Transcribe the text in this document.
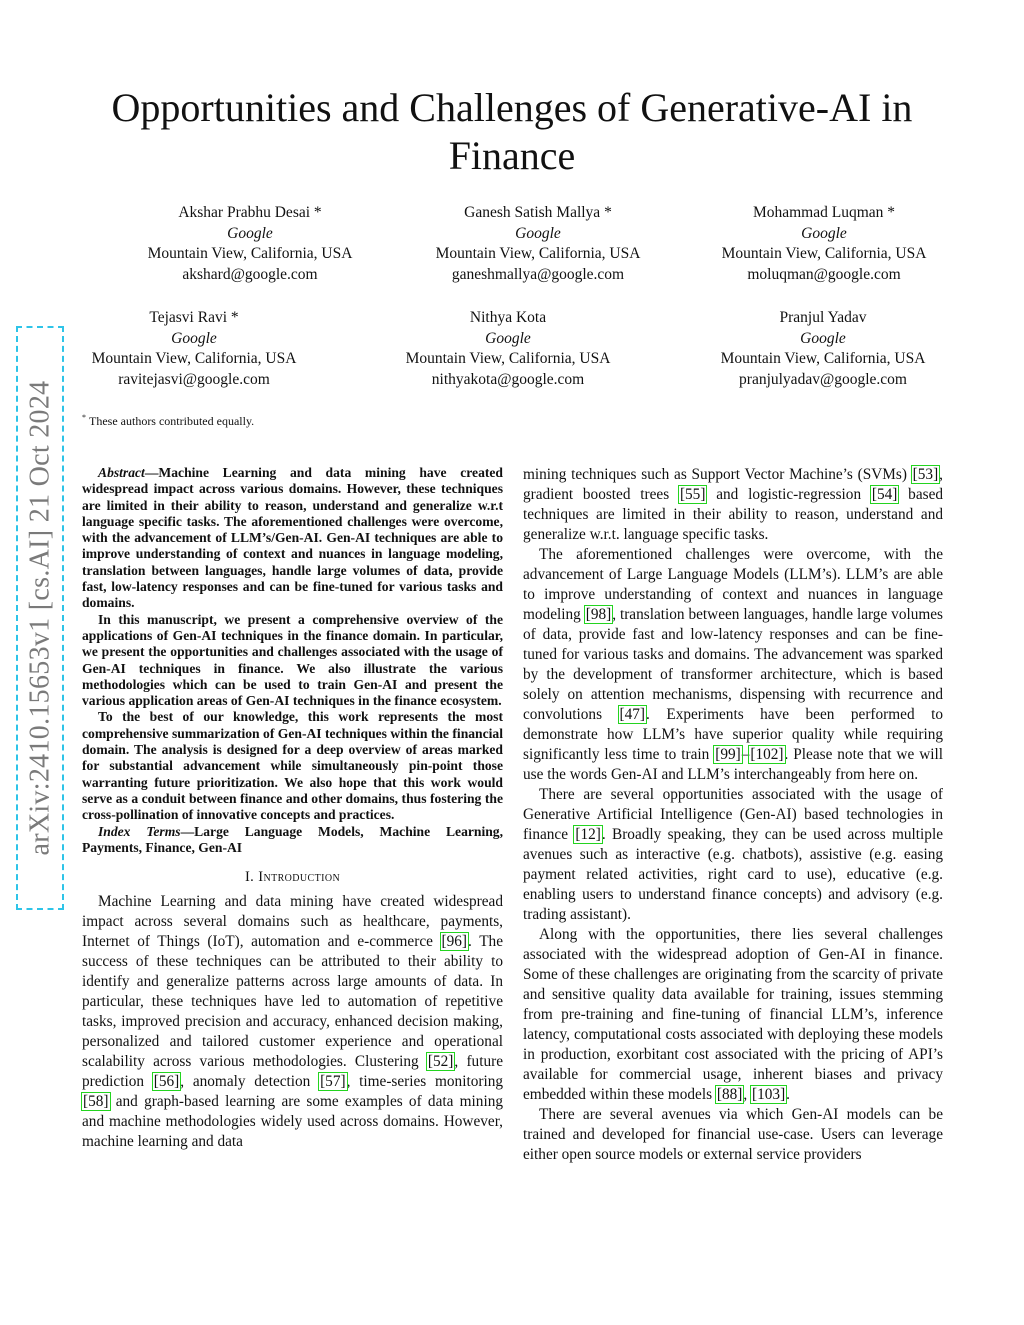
arXiv:2410.15653v1 [cs.AI] 21 Oct 2024
Opportunities and Challenges of Generative-AI in Finance
Akshar Prabhu Desai *
Google
Mountain View, California, USA
akshard@google.com
Ganesh Satish Mallya *
Google
Mountain View, California, USA
ganeshmallya@google.com
Mohammad Luqman *
Google
Mountain View, California, USA
moluqman@google.com
Tejasvi Ravi *
Google
Mountain View, California, USA
ravitejasvi@google.com
Nithya Kota
Google
Mountain View, California, USA
nithyakota@google.com
Pranjul Yadav
Google
Mountain View, California, USA
pranjulyadav@google.com
* These authors contributed equally.

Abstract—Machine Learning and data mining have created widespread impact across various domains. However, these techniques are limited in their ability to reason, understand and generalize w.r.t language specific tasks. The aforementioned challenges were overcome, with the advancement of LLM’s/Gen-AI. Gen-AI techniques are able to improve understanding of context and nuances in language modeling, translation between languages, handle large volumes of data, provide fast, low-latency responses and can be fine-tuned for various tasks and domains.

In this manuscript, we present a comprehensive overview of the applications of Gen-AI techniques in the finance domain. In particular, we present the opportunities and challenges associated with the usage of Gen-AI techniques in finance. We also illustrate the various methodologies which can be used to train Gen-AI and present the various application areas of Gen-AI techniques in the finance ecosystem.

To the best of our knowledge, this work represents the most comprehensive summarization of Gen-AI techniques within the financial domain. The analysis is designed for a deep overview of areas marked for substantial advancement while simultaneously pin-point those warranting future prioritization. We also hope that this work would serve as a conduit between finance and other domains, thus fostering the cross-pollination of innovative concepts and practices.

Index Terms—Large Language Models, Machine Learning, Payments, Finance, Gen-AI

I. Introduction

Machine Learning and data mining have created widespread impact across several domains such as healthcare, payments, Internet of Things (IoT), automation and e-commerce [96]. The success of these techniques can be attributed to their ability to identify and generalize patterns across large amounts of data. In particular, these techniques have led to automation of repetitive tasks, improved precision and accuracy, enhanced decision making, personalized and tailored customer experience and operational scalability across various methodologies. Clustering [52], future prediction [56], anomaly detection [57], time-series monitoring [58] and graph-based learning are some examples of data mining and machine methodologies widely used across domains. However, machine learning and data

mining techniques such as Support Vector Machine’s (SVMs) [53], gradient boosted trees [55] and logistic-regression [54] based techniques are limited in their ability to reason, understand and generalize w.r.t. language specific tasks.

The aforementioned challenges were overcome, with the advancement of Large Language Models (LLM’s). LLM’s are able to improve understanding of context and nuances in language modeling [98], translation between languages, handle large volumes of data, provide fast and low-latency responses and can be fine-tuned for various tasks and domains. The advancement was sparked by the development of transformer architecture, which is based solely on attention mechanisms, dispensing with recurrence and convolutions [47]. Experiments have been performed to demonstrate how LLM’s have superior quality while requiring significantly less time to train [99]–[102]. Please note that we will use the words Gen-AI and LLM’s interchangeably from here on.

There are several opportunities associated with the usage of Generative Artificial Intelligence (Gen-AI) based technologies in finance [12]. Broadly speaking, they can be used across multiple avenues such as interactive (e.g. chatbots), assistive (e.g. easing payment related activities, right card to use), educative (e.g. enabling users to understand finance concepts) and advisory (e.g. trading assistant).

Along with the opportunities, there lies several challenges associated with the widespread adoption of Gen-AI in finance. Some of these challenges are originating from the scarcity of private and sensitive quality data available for training, issues stemming from pre-training and fine-tuning of financial LLM’s, inference latency, computational costs associated with deploying these models in production, exorbitant cost associated with the pricing of API’s available for commercial usage, inherent biases and privacy embedded within these models [88], [103].

There are several avenues via which Gen-AI models can be trained and developed for financial use-case. Users can leverage either open source models or external service providers
